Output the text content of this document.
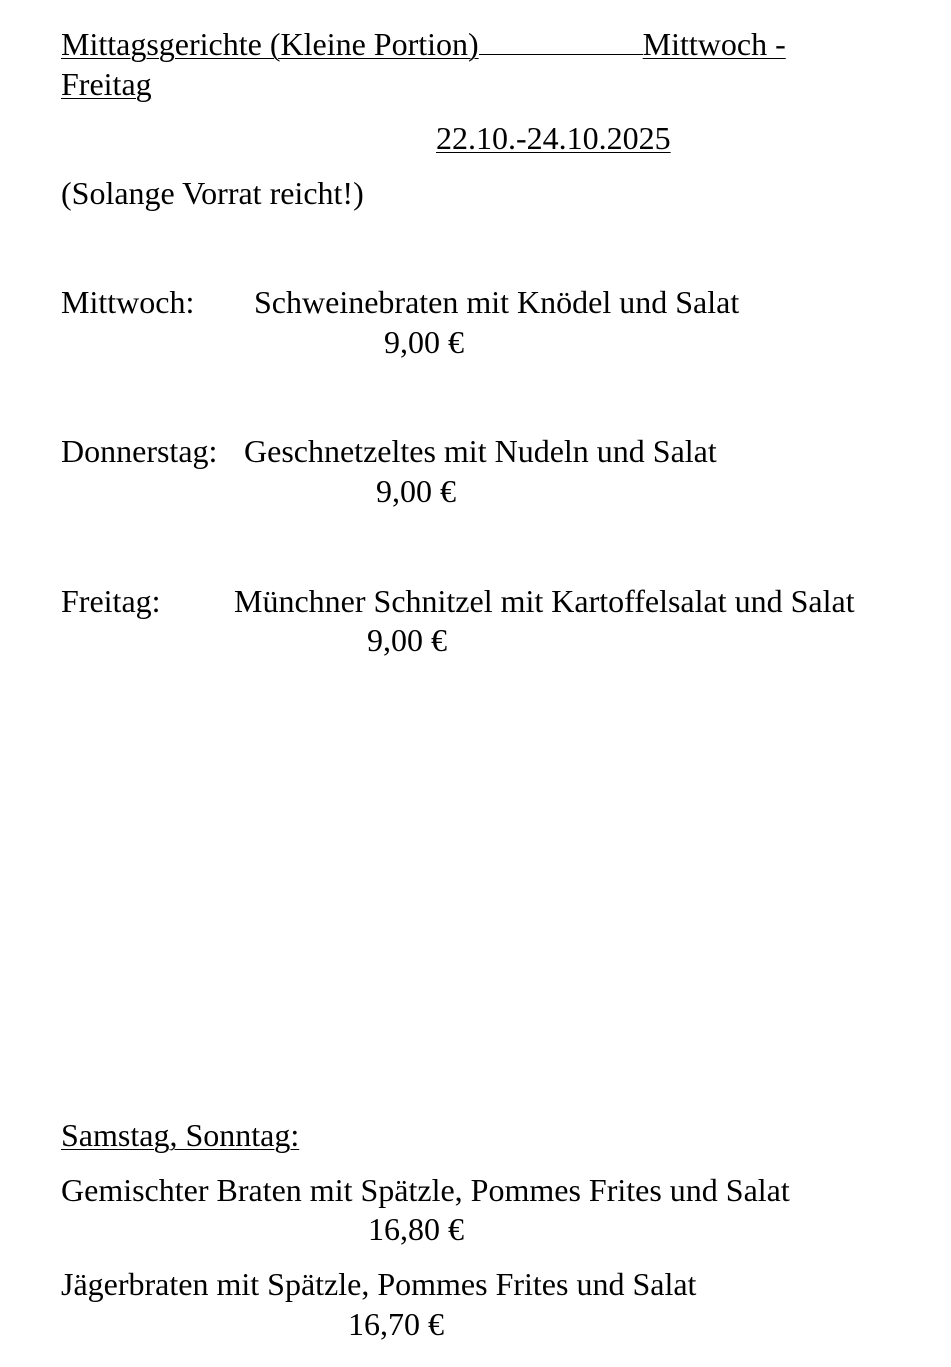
Mittagsgerichte (Kleine Portion)	Mittwoch -
Freitag
22.10.-24.10.2025
(Solange Vorrat reicht!)
Mittwoch: Schweinebraten mit Knödel und Salat
9,00 €
Donnerstag: Geschnetzeltes mit Nudeln und Salat
9,00 €
Freitag: Münchner Schnitzel mit Kartoffelsalat und Salat
9,00 €
Samstag, Sonntag:
Gemischter Braten mit Spätzle, Pommes Frites und Salat
16,80 €
Jägerbraten mit Spätzle, Pommes Frites und Salat
16,70 €
